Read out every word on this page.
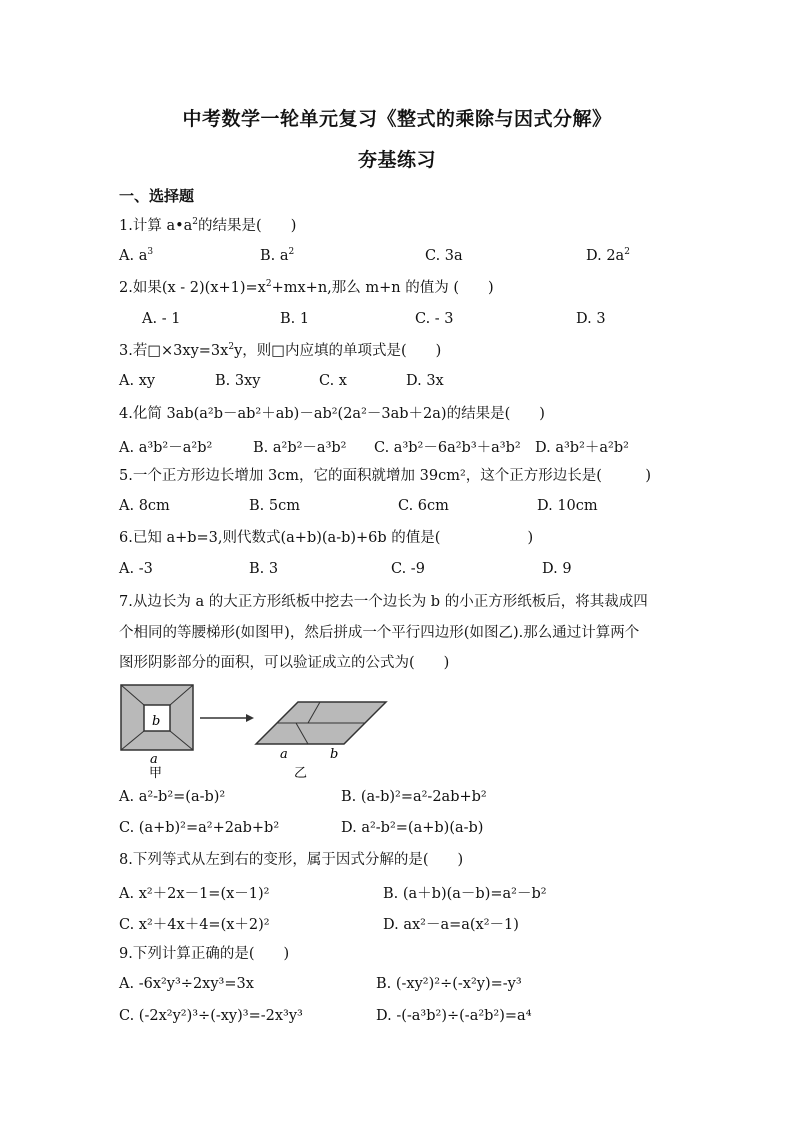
中考数学一轮单元复习《整式的乘除与因式分解》
夯基练习
一、选择题
1.计算 $a•a^2$的结果是(　　)
A. $a^3$	B. $a^2$	C. 3a	D. $2a^2$
2.如果$(x - 2)(x+1)=x^2+mx+n$,那么 m+n 的值为 (　　)
A. - 1	B. 1	C. - 3	D. 3
3.若$□\times 3xy=3x^2y$，则□内应填的单项式是(　　)
A. xy	B. 3xy	C. x	D. 3x
4.化简 3ab(a²b－ab²＋ab)－ab²(2a²－3ab＋2a)的结果是(　　)
A. a³b²－a²b²	B. a²b²－a³b² C. a³b²－6a²b³＋a³b² D. a³b²＋a²b²
5.一个正方形边长增加 3cm，它的面积就增加 39cm²，这个正方形边长是(　　　)
A. 8cm	B. 5cm	C. 6cm	D. 10cm
6.已知 a+b=3,则代数式(a+b)(a-b)+6b 的值是(　　　　　　)
A. -3	B. 3	C. -9	D. 9
7.从边长为 a 的大正方形纸板中挖去一个边长为 b 的小正方形纸板后，将其裁成四
个相同的等腰梯形(如图甲)，然后拼成一个平行四边形(如图乙).那么通过计算两个
图形阴影部分的面积，可以验证成立的公式为(　　)
b
a
甲
a	b
乙
A. a²-b²=(a-b)²	B. (a-b)²=a²-2ab+b²
C. (a+b)²=a²+2ab+b²	D. a²-b²=(a+b)(a-b)
8.下列等式从左到右的变形，属于因式分解的是(　　)
A. x²＋2x－1=(x－1)²	B. (a＋b)(a－b)=a²－b²
C. x²＋4x＋4=(x＋2)²	D. ax²－a=a(x²－1)
9.下列计算正确的是(　　)
A. -6x²y³÷2xy³=3x	B. (-xy²)²÷(-x²y)=-y³
C. (-2x²y²)³÷(-xy)³=-2x³y³	D. -(-a³b²)÷(-a²b²)=a⁴
